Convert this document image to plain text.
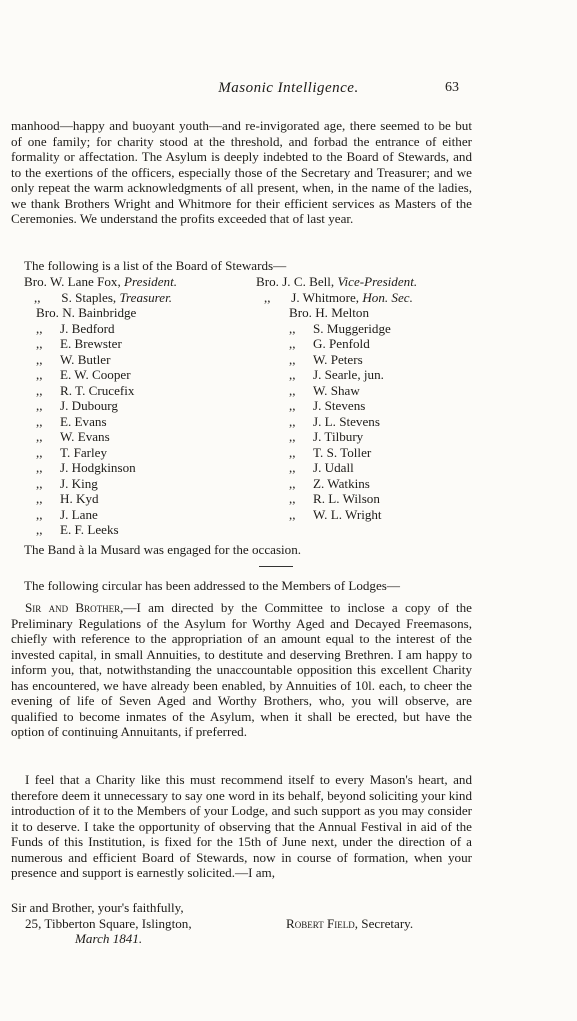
Masonic Intelligence.	63

manhood—happy and buoyant youth—and re-invigorated age, there seemed to be but of one family; for charity stood at the threshold, and forbad the entrance of either formality or affectation. The Asylum is deeply indebted to the Board of Stewards, and to the exertions of the officers, especially those of the Secretary and Treasurer; and we only repeat the warm acknowledgments of all present, when, in the name of the ladies, we thank Brothers Wright and Whitmore for their efficient services as Masters of the Ceremonies. We understand the profits exceeded that of last year.

The following is a list of the Board of Stewards—

Bro. W. Lane Fox, President.	Bro. J. C. Bell, Vice-President.
,, S. Staples, Treasurer.	,, J. Whitmore, Hon. Sec.
Bro. N. Bainbridge
,, J. Bedford
,, E. Brewster
,, W. Butler
,, E. W. Cooper
,, R. T. Crucefix
,, J. Dubourg
,, E. Evans
,, W. Evans
,, T. Farley
,, J. Hodgkinson
,, J. King
,, H. Kyd
,, J. Lane
,, E. F. Leeks
Bro. H. Melton
,, S. Muggeridge
,, G. Penfold
,, W. Peters
,, J. Searle, jun.
,, W. Shaw
,, J. Stevens
,, J. L. Stevens
,, J. Tilbury
,, T. S. Toller
,, J. Udall
,, Z. Watkins
,, R. L. Wilson
,, W. L. Wright

The Band à la Musard was engaged for the occasion.

The following circular has been addressed to the Members of Lodges—

Sir and Brother,—I am directed by the Committee to inclose a copy of the Preliminary Regulations of the Asylum for Worthy Aged and Decayed Freemasons, chiefly with reference to the appropriation of an amount equal to the interest of the invested capital, in small Annuities, to destitute and deserving Brethren. I am happy to inform you, that, notwithstanding the unaccountable opposition this excellent Charity has encountered, we have already been enabled, by Annuities of 10l. each, to cheer the evening of life of Seven Aged and Worthy Brothers, who, you will observe, are qualified to become inmates of the Asylum, when it shall be erected, but have the option of continuing Annuitants, if preferred.

I feel that a Charity like this must recommend itself to every Mason's heart, and therefore deem it unnecessary to say one word in its behalf, beyond soliciting your kind introduction of it to the Members of your Lodge, and such support as you may consider it to deserve. I take the opportunity of observing that the Annual Festival in aid of the Funds of this Institution, is fixed for the 15th of June next, under the direction of a numerous and efficient Board of Stewards, now in course of formation, when your presence and support is earnestly solicited.—I am,

Sir and Brother, your's faithfully,
25, Tibberton Square, Islington,	Robert Field, Secretary.
March 1841.
